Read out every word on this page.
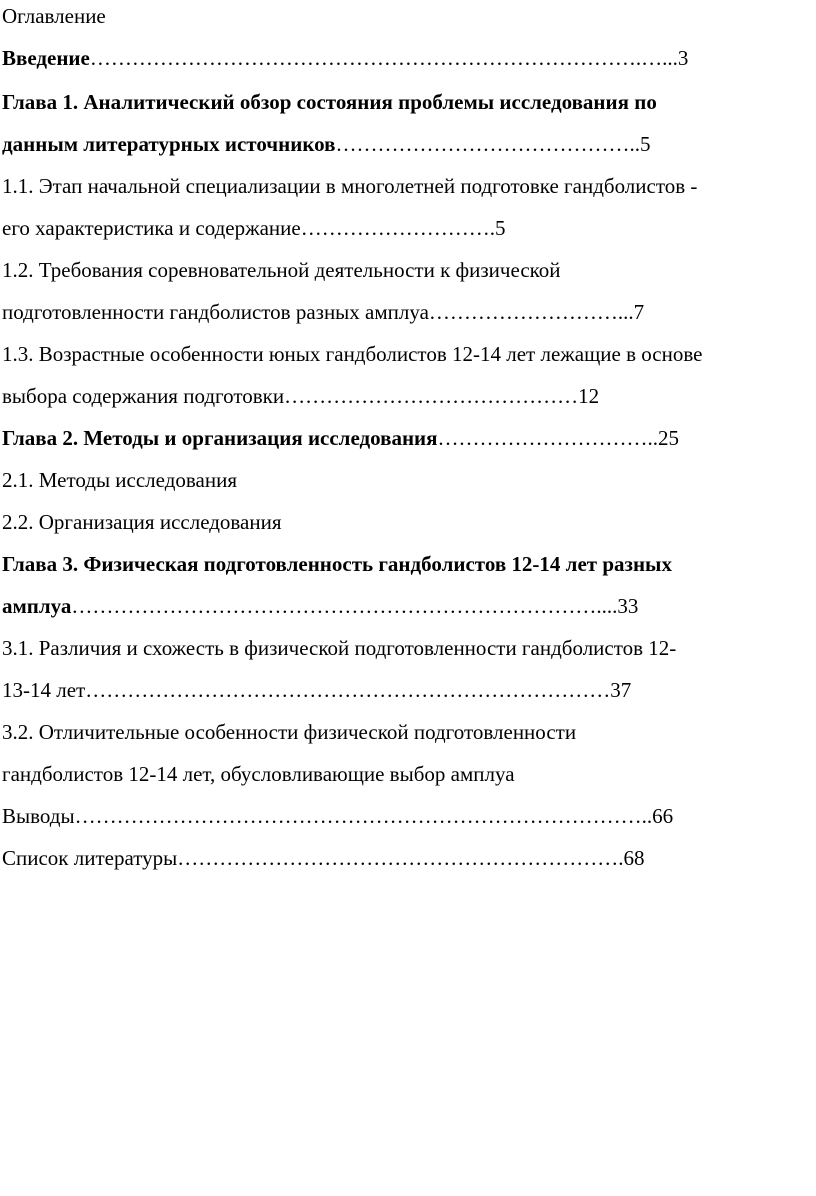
Оглавление
Введение…………………………………………………………………….…...3
Глава 1. Аналитический обзор состояния проблемы исследования по
данным литературных источников……………………………………..5
1.1. Этап начальной специализации в многолетней подготовке гандболистов -
его характеристика и содержание……………………….5
1.2. Требования соревновательной деятельности к физической
подготовленности гандболистов разных амплуа………………………...7
1.3. Возрастные особенности юных гандболистов 12-14 лет лежащие в основе
выбора содержания подготовки……………………………………12
Глава 2. Методы и организация исследования…………………………..25
2.1. Методы исследования
2.2. Организация исследования
Глава 3. Физическая подготовленность гандболистов 12-14 лет разных
амплуа…………………………………………………………………....33
3.1. Различия и схожесть в физической подготовленности гандболистов 12-
13-14 лет…………………………………………………………………37
3.2. Отличительные особенности физической подготовленности
гандболистов 12-14 лет, обусловливающие выбор амплуа
Выводы………………………………………………………………………..66
Список литературы……………………………………………………….68
